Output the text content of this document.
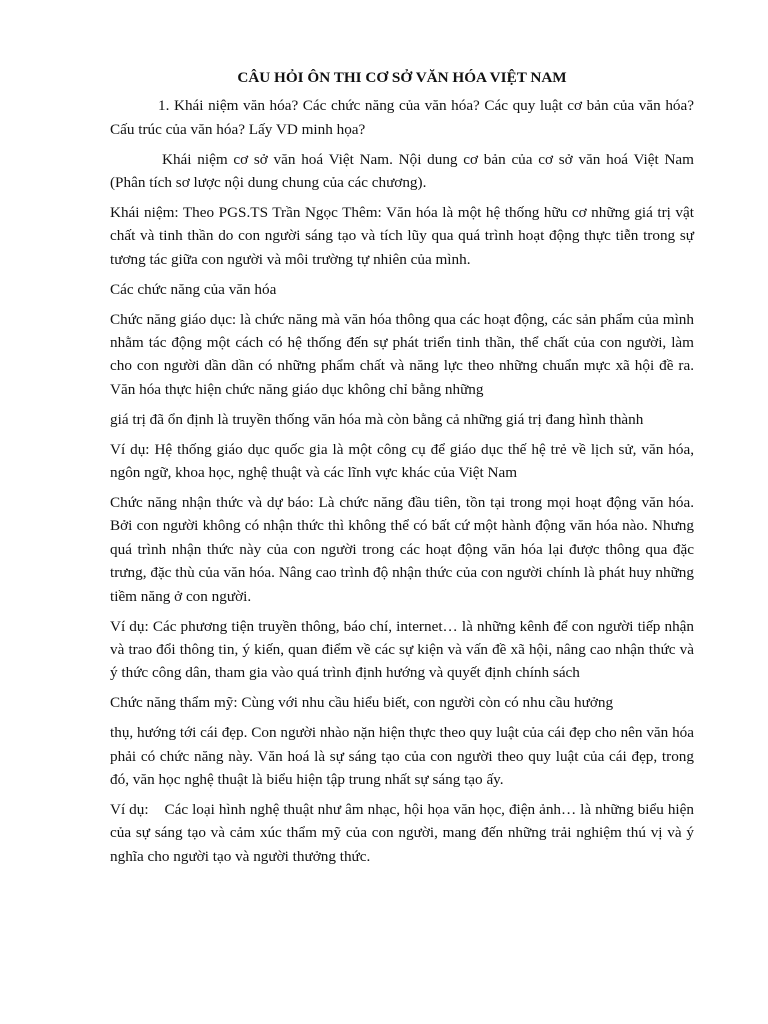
CÂU HỎI ÔN THI CƠ SỞ VĂN HÓA VIỆT NAM

1. Khái niệm văn hóa? Các chức năng của văn hóa? Các quy luật cơ bản của văn hóa? Cấu trúc của văn hóa? Lấy VD minh họa?

Khái niệm cơ sở văn hoá Việt Nam. Nội dung cơ bản của cơ sở văn hoá Việt Nam (Phân tích sơ lược nội dung chung của các chương).

Khái niệm: Theo PGS.TS Trần Ngọc Thêm: Văn hóa là một hệ thống hữu cơ những giá trị vật chất và tinh thần do con người sáng tạo và tích lũy qua quá trình hoạt động thực tiễn trong sự tương tác giữa con người và môi trường tự nhiên của mình.

Các chức năng của văn hóa

Chức năng giáo dục: là chức năng mà văn hóa thông qua các hoạt động, các sản phẩm của mình nhằm tác động một cách có hệ thống đến sự phát triển tinh thần, thể chất của con người, làm cho con người dần dần có những phẩm chất và năng lực theo những chuẩn mực xã hội đề ra. Văn hóa thực hiện chức năng giáo dục không chỉ bằng những

giá trị đã ổn định là truyền thống văn hóa mà còn bằng cả những giá trị đang hình thành

Ví dụ: Hệ thống giáo dục quốc gia là một công cụ để giáo dục thế hệ trẻ về lịch sử, văn hóa, ngôn ngữ, khoa học, nghệ thuật và các lĩnh vực khác của Việt Nam

Chức năng nhận thức và dự báo: Là chức năng đầu tiên, tồn tại trong mọi hoạt động văn hóa. Bởi con người không có nhận thức thì không thể có bất cứ một hành động văn hóa nào. Nhưng quá trình nhận thức này của con người trong các hoạt động văn hóa lại được thông qua đặc trưng, đặc thù của văn hóa. Nâng cao trình độ nhận thức của con người chính là phát huy những tiềm năng ở con người.

Ví dụ: Các phương tiện truyền thông, báo chí, internet… là những kênh để con người tiếp nhận và trao đổi thông tin, ý kiến, quan điểm về các sự kiện và vấn đề xã hội, nâng cao nhận thức và ý thức công dân, tham gia vào quá trình định hướng và quyết định chính sách

Chức năng thẩm mỹ: Cùng với nhu cầu hiểu biết, con người còn có nhu cầu hưởng

thụ, hướng tới cái đẹp. Con người nhào nặn hiện thực theo quy luật của cái đẹp cho nên văn hóa phải có chức năng này. Văn hoá là sự sáng tạo của con người theo quy luật của cái đẹp, trong đó, văn học nghệ thuật là biểu hiện tập trung nhất sự sáng tạo ấy.

Ví dụ:    Các loại hình nghệ thuật như âm nhạc, hội họa văn học, điện ảnh… là những biểu hiện của sự sáng tạo và cảm xúc thẩm mỹ của con người, mang đến những trải nghiệm thú vị và ý nghĩa cho người tạo và người thưởng thức.
